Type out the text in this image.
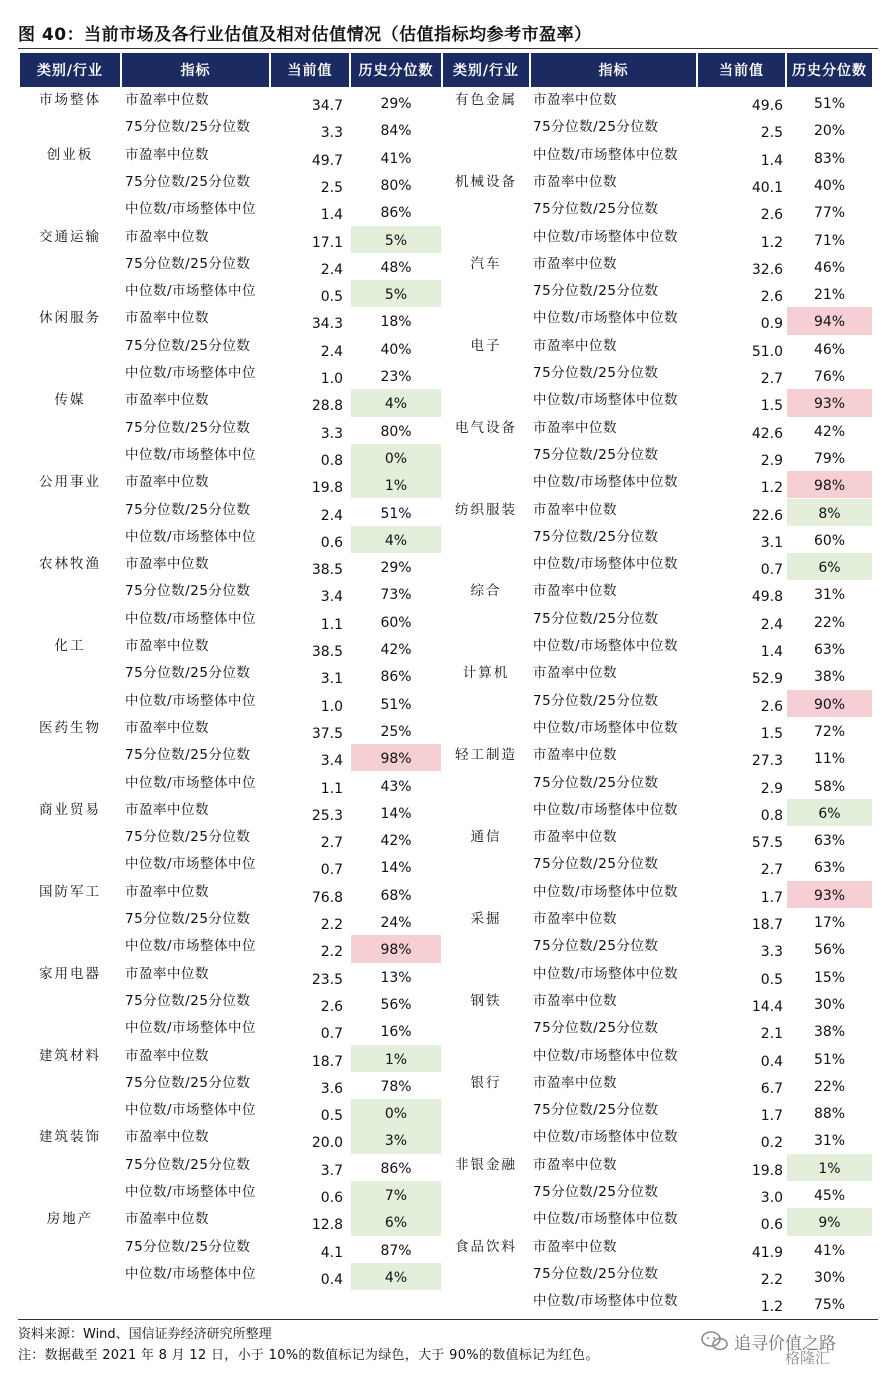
图 40：当前市场及各行业估值及相对估值情况（估值指标均参考市盈率）
类别/行业	指标	当前值	历史分位数	类别/行业	指标	当前值	历史分位数
市场整体	市盈率中位数	34.7	29%
75分位数/25分位数	3.3	84%
创业板	市盈率中位数	49.7	41%
75分位数/25分位数	2.5	80%
中位数/市场整体中位	1.4	86%
交通运输	市盈率中位数	17.1	5%
75分位数/25分位数	2.4	48%
中位数/市场整体中位	0.5	5%
休闲服务	市盈率中位数	34.3	18%
75分位数/25分位数	2.4	40%
中位数/市场整体中位	1.0	23%
传媒	市盈率中位数	28.8	4%
75分位数/25分位数	3.3	80%
中位数/市场整体中位	0.8	0%
公用事业	市盈率中位数	19.8	1%
75分位数/25分位数	2.4	51%
中位数/市场整体中位	0.6	4%
农林牧渔	市盈率中位数	38.5	29%
75分位数/25分位数	3.4	73%
中位数/市场整体中位	1.1	60%
化工	市盈率中位数	38.5	42%
75分位数/25分位数	3.1	86%
中位数/市场整体中位	1.0	51%
医药生物	市盈率中位数	37.5	25%
75分位数/25分位数	3.4	98%
中位数/市场整体中位	1.1	43%
商业贸易	市盈率中位数	25.3	14%
75分位数/25分位数	2.7	42%
中位数/市场整体中位	0.7	14%
国防军工	市盈率中位数	76.8	68%
75分位数/25分位数	2.2	24%
中位数/市场整体中位	2.2	98%
家用电器	市盈率中位数	23.5	13%
75分位数/25分位数	2.6	56%
中位数/市场整体中位	0.7	16%
建筑材料	市盈率中位数	18.7	1%
75分位数/25分位数	3.6	78%
中位数/市场整体中位	0.5	0%
建筑装饰	市盈率中位数	20.0	3%
75分位数/25分位数	3.7	86%
中位数/市场整体中位	0.6	7%
房地产	市盈率中位数	12.8	6%
75分位数/25分位数	4.1	87%
中位数/市场整体中位	0.4	4%
有色金属	市盈率中位数	49.6	51%
75分位数/25分位数	2.5	20%
中位数/市场整体中位数	1.4	83%
机械设备	市盈率中位数	40.1	40%
75分位数/25分位数	2.6	77%
中位数/市场整体中位数	1.2	71%
汽车	市盈率中位数	32.6	46%
75分位数/25分位数	2.6	21%
中位数/市场整体中位数	0.9	94%
电子	市盈率中位数	51.0	46%
75分位数/25分位数	2.7	76%
中位数/市场整体中位数	1.5	93%
电气设备	市盈率中位数	42.6	42%
75分位数/25分位数	2.9	79%
中位数/市场整体中位数	1.2	98%
纺织服装	市盈率中位数	22.6	8%
75分位数/25分位数	3.1	60%
中位数/市场整体中位数	0.7	6%
综合	市盈率中位数	49.8	31%
75分位数/25分位数	2.4	22%
中位数/市场整体中位数	1.4	63%
计算机	市盈率中位数	52.9	38%
75分位数/25分位数	2.6	90%
中位数/市场整体中位数	1.5	72%
轻工制造	市盈率中位数	27.3	11%
75分位数/25分位数	2.9	58%
中位数/市场整体中位数	0.8	6%
通信	市盈率中位数	57.5	63%
75分位数/25分位数	2.7	63%
中位数/市场整体中位数	1.7	93%
采掘	市盈率中位数	18.7	17%
75分位数/25分位数	3.3	56%
中位数/市场整体中位数	0.5	15%
钢铁	市盈率中位数	14.4	30%
75分位数/25分位数	2.1	38%
中位数/市场整体中位数	0.4	51%
银行	市盈率中位数	6.7	22%
75分位数/25分位数	1.7	88%
中位数/市场整体中位数	0.2	31%
非银金融	市盈率中位数	19.8	1%
75分位数/25分位数	3.0	45%
中位数/市场整体中位数	0.6	9%
食品饮料	市盈率中位数	41.9	41%
75分位数/25分位数	2.2	30%
中位数/市场整体中位数	1.2	75%
资料来源：Wind、国信证券经济研究所整理
注：数据截至 2021 年 8 月 12 日，小于 10%的数值标记为绿色，大于 90%的数值标记为红色。
追寻价值之路
格隆汇
